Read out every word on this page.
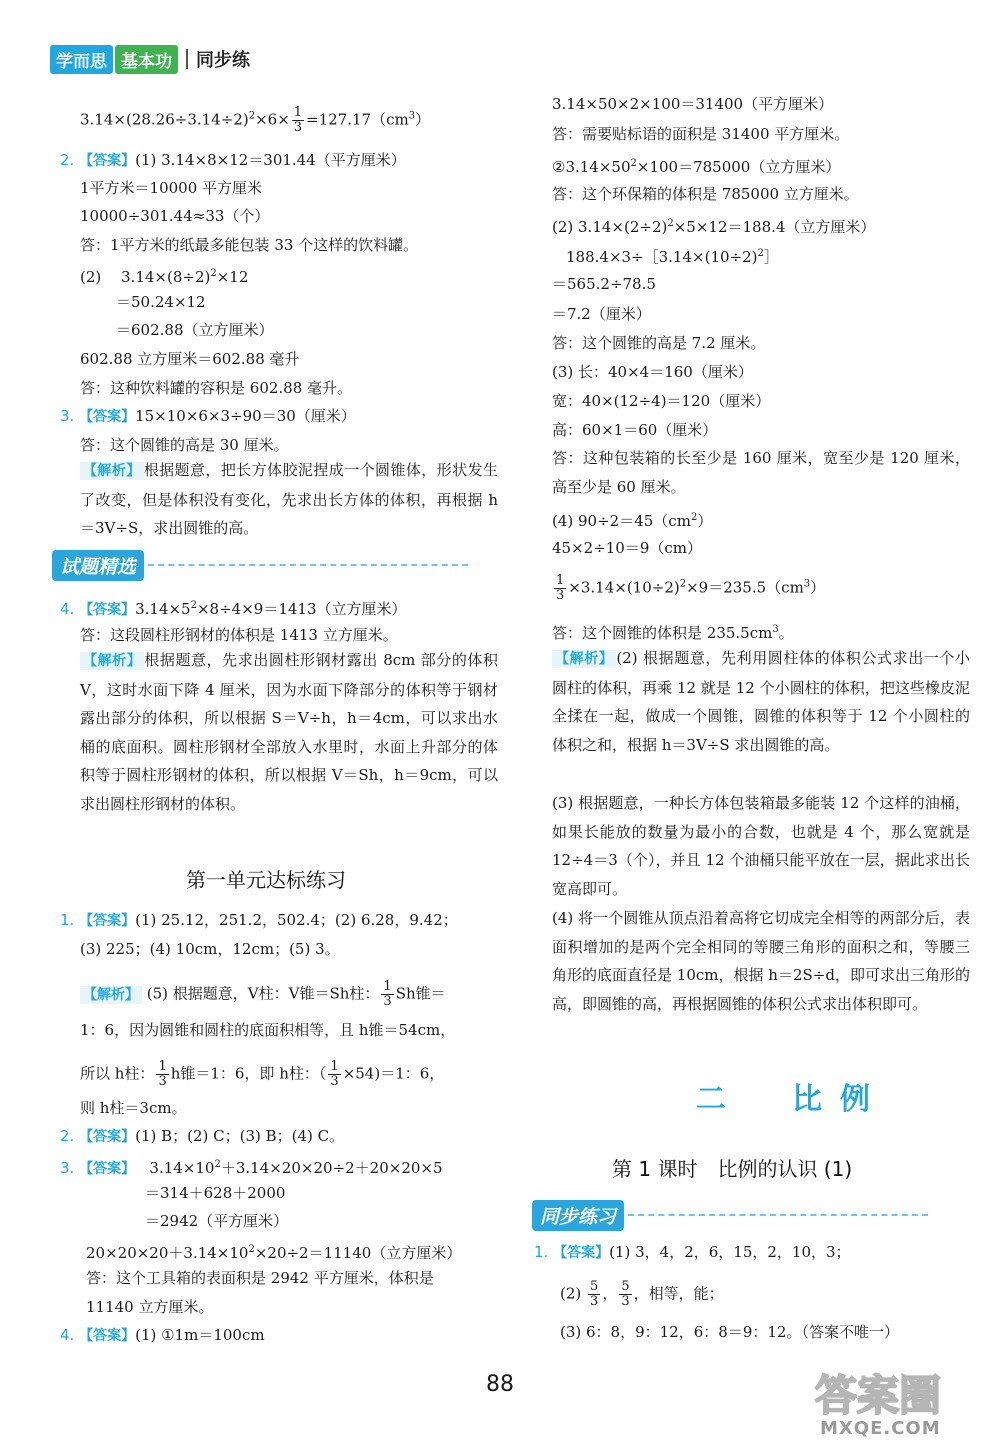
学而思 基本功	同步练
$3.14\times(28.26\div 3.14\div 2)^2\times 6\times \frac{1}{3} =127.17(cm^3)$
2. 【答案】(1) 3.14×8×12＝301.44（平方厘米）
1平方米＝10000 平方厘米
10000÷301.44≈33（个）
答：1平方米的纸最多能包装 33 个这样的饮料罐。
(2)　 $3.14\times(8\div 2)^2\times 12$
＝50.24×12
＝602.88（立方厘米）
602.88 立方厘米＝602.88 毫升
答：这种饮料罐的容积是 602.88 毫升。
3. 【答案】15×10×6×3÷90＝30（厘米）
答：这个圆锥的高是 30 厘米。
【解析】 根据题意，把长方体胶泥捏成一个圆锥体，形状发生了改变，但是体积没有变化，先求出长方体的体积，再根据 h＝3V÷S，求出圆锥的高。
试题精选
4. 【答案】$3.14\times 5^2\times 8\div 4\times 9=1413$（立方厘米）
答：这段圆柱形钢材的体积是 1413 立方厘米。
【解析】 根据题意，先求出圆柱形钢材露出 8cm 部分的体积 V，这时水面下降 4 厘米，因为水面下降部分的体积等于钢材露出部分的体积，所以根据 S＝V÷h，h＝4cm，可以求出水桶的底面积。圆柱形钢材全部放入水里时，水面上升部分的体积等于圆柱形钢材的体积，所以根据 V＝Sh，h＝9cm，可以求出圆柱形钢材的体积。
第一单元达标练习
1. 【答案】(1) 25.12，251.2，502.4；(2) 6.28，9.42；
(3) 225；(4) 10cm，12cm；(5) 3。
【解析】 (5) 根据题意，V柱：V锥＝Sh柱： $\frac{1}{3}$ Sh锥＝
1：6，因为圆锥和圆柱的底面积相等，且 h锥＝54cm，
所以 h柱： $\frac{1}{3}$ h锥＝1：6，即 h柱：（ $\frac{1}{3} \times 54)=1$：6，
则 h柱＝3cm。
2. 【答案】(1) B；(2) C；(3) B；(4) C。
3. 【答案】 $3.14\times 10^2+3.14\times 20\times 20\div 2+20\times 20\times 5$
＝314＋628＋2000
＝2942（平方厘米）
$20\times 20\times 20+3.14\times 10^2\times 20\div 2=11140$（立方厘米）
答：这个工具箱的表面积是 2942 平方厘米，体积是
11140 立方厘米。
4. 【答案】(1) ①1m＝100cm
3.14×50×2×100＝31400（平方厘米）
答：需要贴标语的面积是 31400 平方厘米。
$②3.14\times 50^2\times 100=785000$（立方厘米）
答：这个环保箱的体积是 785000 立方厘米。
(2) $3.14\times(2\div 2)^2\times 5\times 12=188.4$（立方厘米）
$188.4\times 3\div[3.14\times(10\div 2)^2]$
＝565.2÷78.5
＝7.2（厘米）
答：这个圆锥的高是 7.2 厘米。
(3) 长：40×4＝160（厘米）
宽：40×(12÷4)＝120（厘米）
高：60×1＝60（厘米）
答：这种包装箱的长至少是 160 厘米，宽至少是 120 厘米，高至少是 60 厘米。
(4) $90\div 2=45(cm^2)$
45×2÷10＝9（cm）
$\frac{1}{3} \times 3.14\times(10\div 2)^2\times 9=235.5(cm^3)$
答：这个圆锥的体积是 $235.5cm^3$。
【解析】 (2) 根据题意，先利用圆柱体的体积公式求出一个小圆柱的体积，再乘 12 就是 12 个小圆柱的体积，把这些橡皮泥全揉在一起，做成一个圆锥，圆锥的体积等于 12 个小圆柱的体积之和，根据 h＝3V÷S 求出圆锥的高。
(3) 根据题意，一种长方体包装箱最多能装 12 个这样的油桶，如果长能放的数量为最小的合数，也就是 4 个，那么宽就是 12÷4＝3（个），并且 12 个油桶只能平放在一层，据此求出长宽高即可。
(4) 将一个圆锥从顶点沿着高将它切成完全相等的两部分后，表面积增加的是两个完全相同的等腰三角形的面积之和，等腰三角形的底面直径是 10cm，根据 h＝2S÷d，即可求出三角形的高，即圆锥的高，再根据圆锥的体积公式求出体积即可。
二　比例
第 1 课时　比例的认识 (1)
同步练习
1. 【答案】(1) 3，4，2，6，15，2，10，3；
$(2) \frac{5}{3}$ ， $\frac{5}{3}$ ，相等，能；
(3) 6：8，9：12，6：8＝9：12。（答案不唯一）
88	答案圈
MXQE.COM
